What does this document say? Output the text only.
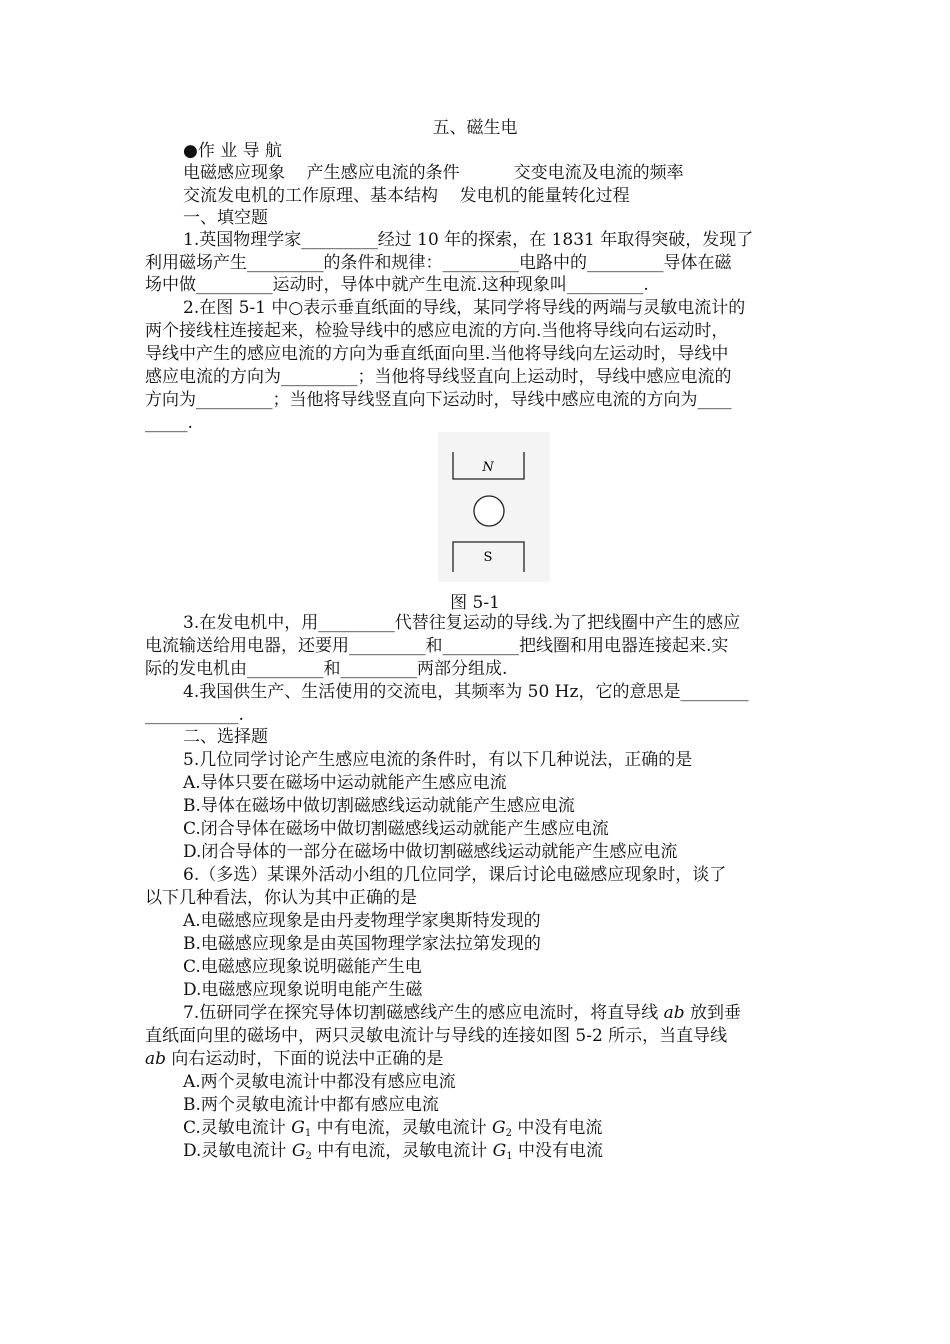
五、磁生电
●作 业 导 航
电磁感应现象    产生感应电流的条件          交变电流及电流的频率
交流发电机的工作原理、基本结构    发电机的能量转化过程
一、填空题
1.英国物理学家_________经过 10 年的探索，在 1831 年取得突破，发现了
利用磁场产生_________的条件和规律：_________电路中的_________导体在磁
场中做_________运动时，导体中就产生电流.这种现象叫_________.
2.在图 5-1 中○表示垂直纸面的导线，某同学将导线的两端与灵敏电流计的
两个接线柱连接起来，检验导线中的感应电流的方向.当他将导线向右运动时，
导线中产生的感应电流的方向为垂直纸面向里.当他将导线向左运动时，导线中
感应电流的方向为_________；当他将导线竖直向上运动时，导线中感应电流的
方向为_________；当他将导线竖直向下运动时，导线中感应电流的方向为____
_____.
N
S
图 5-1
3.在发电机中，用_________代替往复运动的导线.为了把线圈中产生的感应
电流输送给用电器，还要用_________和_________把线圈和用电器连接起来.实
际的发电机由_________和_________两部分组成.
4.我国供生产、生活使用的交流电，其频率为 50 Hz，它的意思是________
___________.
二、选择题
5.几位同学讨论产生感应电流的条件时，有以下几种说法，正确的是
A.导体只要在磁场中运动就能产生感应电流
B.导体在磁场中做切割磁感线运动就能产生感应电流
C.闭合导体在磁场中做切割磁感线运动就能产生感应电流
D.闭合导体的一部分在磁场中做切割磁感线运动就能产生感应电流
6.（多选）某课外活动小组的几位同学，课后讨论电磁感应现象时，谈了
以下几种看法，你认为其中正确的是
A.电磁感应现象是由丹麦物理学家奥斯特发现的
B.电磁感应现象是由英国物理学家法拉第发现的
C.电磁感应现象说明磁能产生电
D.电磁感应现象说明电能产生磁
7.伍研同学在探究导体切割磁感线产生的感应电流时，将直导线 ab 放到垂
直纸面向里的磁场中，两只灵敏电流计与导线的连接如图 5-2 所示，当直导线
ab 向右运动时，下面的说法中正确的是
A.两个灵敏电流计中都没有感应电流
B.两个灵敏电流计中都有感应电流
C.灵敏电流计 $G_1$ 中有电流，灵敏电流计 $G_2$ 中没有电流
D.灵敏电流计 $G_2$ 中有电流，灵敏电流计 $G_1$ 中没有电流
